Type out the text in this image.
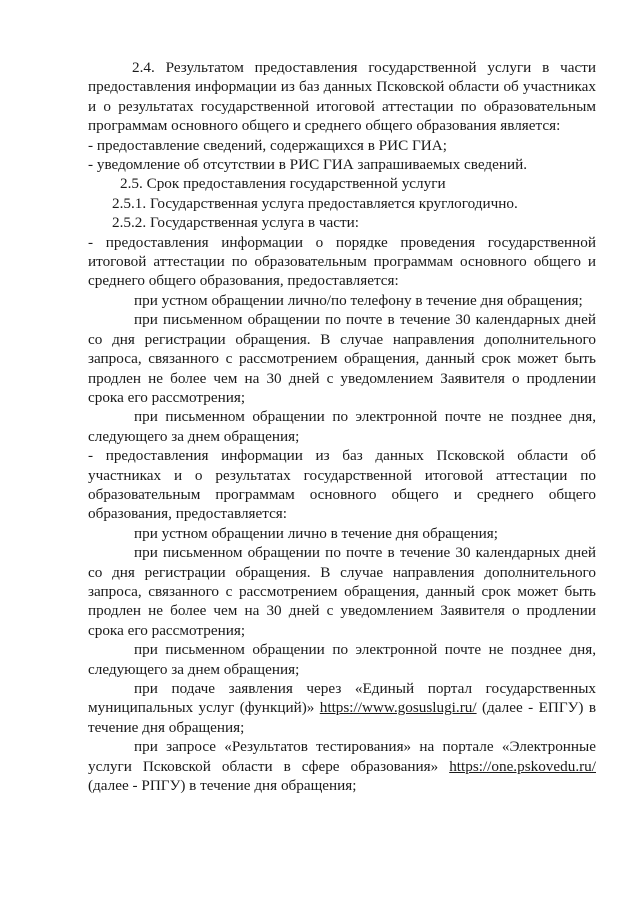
2.4. Результатом предоставления государственной услуги в части предоставления информации из баз данных Псковской области об участниках и о результатах государственной итоговой аттестации по образовательным программам основного общего и среднего общего образования является:

- предоставление сведений, содержащихся в РИС ГИА;

- уведомление об отсутствии в РИС ГИА запрашиваемых сведений.

2.5. Срок предоставления государственной услуги

2.5.1. Государственная услуга предоставляется круглогодично.

2.5.2. Государственная услуга в части:

- предоставления информации о порядке проведения государственной итоговой аттестации по образовательным программам основного общего и среднего общего образования, предоставляется:

при устном обращении лично/по телефону в течение дня обращения;

при письменном обращении по почте в течение 30 календарных дней со дня регистрации обращения. В случае направления дополнительного запроса, связанного с рассмотрением обращения, данный срок может быть продлен не более чем на 30 дней с уведомлением Заявителя о продлении срока его рассмотрения;

при письменном обращении по электронной почте не позднее дня, следующего за днем обращения;

- предоставления информации из баз данных Псковской области об участниках и о результатах государственной итоговой аттестации по образовательным программам основного общего и среднего общего образования, предоставляется:

при устном обращении лично в течение дня обращения;

при письменном обращении по почте в течение 30 календарных дней со дня регистрации обращения. В случае направления дополнительного запроса, связанного с рассмотрением обращения, данный срок может быть продлен не более чем на 30 дней с уведомлением Заявителя о продлении срока его рассмотрения;

при письменном обращении по электронной почте не позднее дня, следующего за днем обращения;

при подаче заявления через «Единый портал государственных муниципальных услуг (функций)» https://www.gosuslugi.ru/ (далее - ЕПГУ) в течение дня обращения;

при запросе «Результатов тестирования» на портале «Электронные услуги Псковской области в сфере образования» https://one.pskovedu.ru/ (далее - РПГУ) в течение дня обращения;
